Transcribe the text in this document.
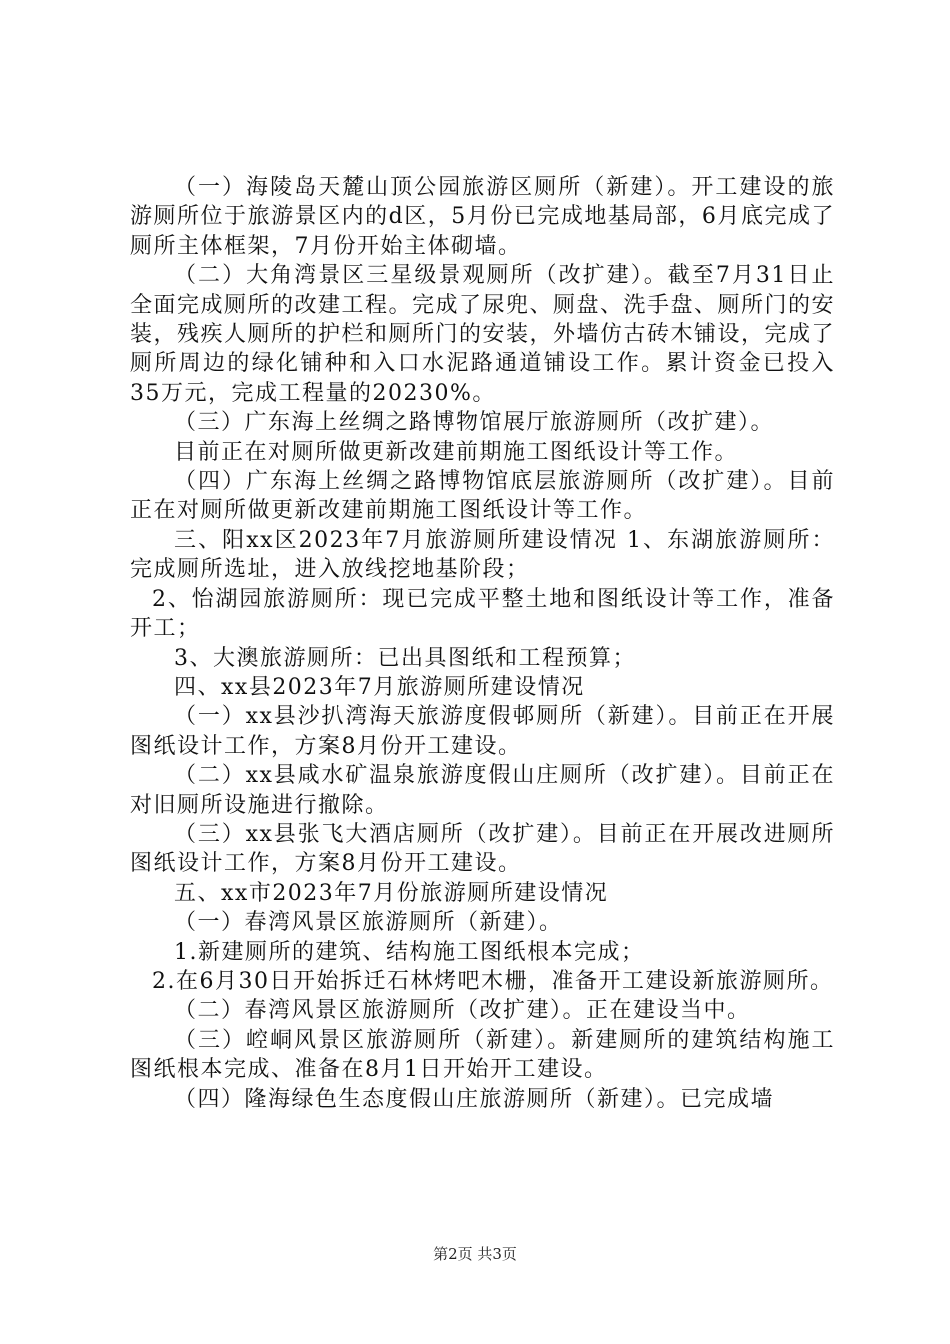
（一）海陵岛天麓山顶公园旅游区厕所（新建）。开工建设的旅游厕所位于旅游景区内的d区，5月份已完成地基局部，6月底完成了厕所主体框架，7月份开始主体砌墙。

（二）大角湾景区三星级景观厕所（改扩建）。截至7月31日止全面完成厕所的改建工程。完成了尿兜、厕盘、洗手盘、厕所门的安装，残疾人厕所的护栏和厕所门的安装，外墙仿古砖木铺设，完成了厕所周边的绿化铺种和入口水泥路通道铺设工作。累计资金已投入35万元，完成工程量的20230%。

（三）广东海上丝绸之路博物馆展厅旅游厕所（改扩建）。

目前正在对厕所做更新改建前期施工图纸设计等工作。

（四）广东海上丝绸之路博物馆底层旅游厕所（改扩建）。目前正在对厕所做更新改建前期施工图纸设计等工作。

三、阳xx区2023年7月旅游厕所建设情况 1、东湖旅游厕所：完成厕所选址，进入放线挖地基阶段；

2、怡湖园旅游厕所：现已完成平整土地和图纸设计等工作，准备开工；

3、大澳旅游厕所：已出具图纸和工程预算；

四、xx县2023年7月旅游厕所建设情况

（一）xx县沙扒湾海天旅游度假邨厕所（新建）。目前正在开展图纸设计工作，方案8月份开工建设。

（二）xx县咸水矿温泉旅游度假山庄厕所（改扩建）。目前正在对旧厕所设施进行撤除。

（三）xx县张飞大酒店厕所（改扩建）。目前正在开展改进厕所图纸设计工作，方案8月份开工建设。

五、xx市2023年7月份旅游厕所建设情况

（一）春湾风景区旅游厕所（新建）。

1.新建厕所的建筑、结构施工图纸根本完成；

2.在6月30日开始拆迁石林烤吧木栅，准备开工建设新旅游厕所。

（二）春湾风景区旅游厕所（改扩建）。正在建设当中。

（三）崆峒风景区旅游厕所（新建）。新建厕所的建筑结构施工图纸根本完成、准备在8月1日开始开工建设。

（四）隆海绿色生态度假山庄旅游厕所（新建）。已完成墙

第2页 共3页
